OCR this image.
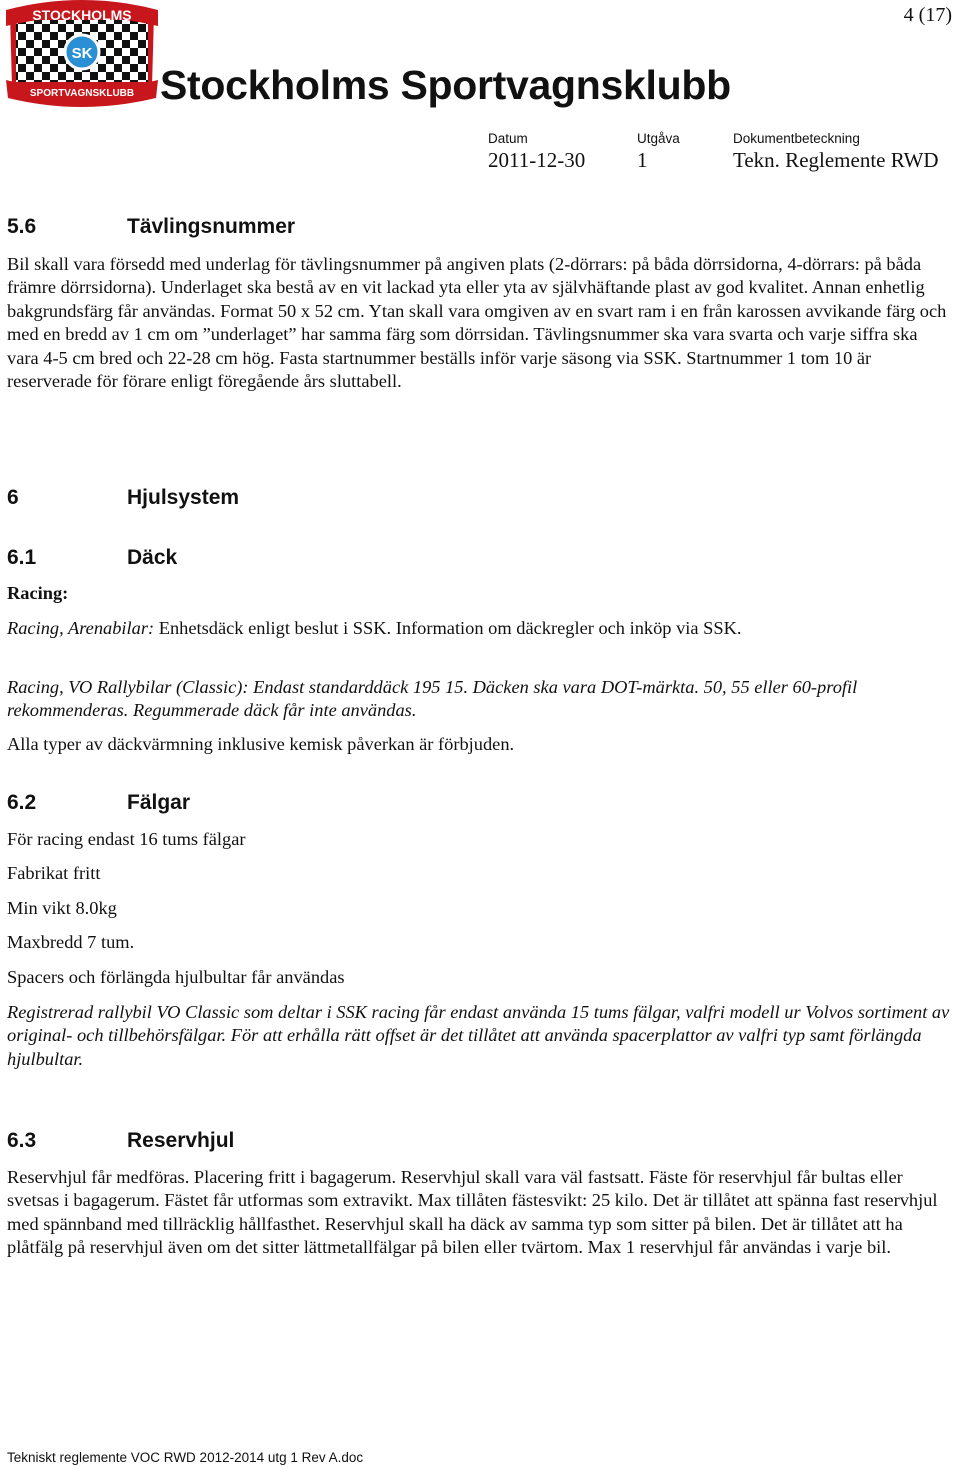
4 (17)
STOCKHOLMS
SPORTVAGNSKLUBB
SK
Stockholms Sportvagnsklubb
Datum	Utgåva	Dokumentbeteckning
2011-12-30 1	Tekn. Reglemente RWD
5.6	Tävlingsnummer

Bil skall vara försedd med underlag för tävlingsnummer på angiven plats (2-dörrars: på båda dörrsidorna, 4-dörrars: på båda främre dörrsidorna). Underlaget ska bestå av en vit lackad yta eller yta av självhäftande plast av god kvalitet. Annan enhetlig bakgrundsfärg får användas. Format 50 x 52 cm. Ytan skall vara omgiven av en svart ram i en från karossen avvikande färg och med en bredd av 1 cm om ”underlaget” har samma färg som dörrsidan. Tävlingsnummer ska vara svarta och varje siffra ska vara 4-5 cm bred och 22-28 cm hög. Fasta startnummer beställs inför varje säsong via SSK. Startnummer 1 tom 10 är reserverade för förare enligt föregående års sluttabell.

6	Hjulsystem
6.1	Däck

Racing:

Racing, Arenabilar: Enhetsdäck enligt beslut i SSK. Information om däckregler och inköp via SSK.

Racing, VO Rallybilar (Classic): Endast standarddäck 195 15. Däcken ska vara DOT-märkta. 50, 55 eller 60-profil rekommenderas. Regummerade däck får inte användas.

Alla typer av däckvärmning inklusive kemisk påverkan är förbjuden.

6.2	Fälgar

För racing endast 16 tums fälgar

Fabrikat fritt

Min vikt 8.0kg

Maxbredd 7 tum.

Spacers och förlängda hjulbultar får användas

Registrerad rallybil VO Classic som deltar i SSK racing får endast använda 15 tums fälgar, valfri modell ur Volvos sortiment av original- och tillbehörsfälgar. För att erhålla rätt offset är det tillåtet att använda spacerplattor av valfri typ samt förlängda hjulbultar.

6.3	Reservhjul

Reservhjul får medföras. Placering fritt i bagagerum. Reservhjul skall vara väl fastsatt. Fäste för reservhjul får bultas eller svetsas i bagagerum. Fästet får utformas som extravikt. Max tillåten fästesvikt: 25 kilo. Det är tillåtet att spänna fast reservhjul med spännband med tillräcklig hållfasthet. Reservhjul skall ha däck av samma typ som sitter på bilen. Det är tillåtet att ha plåtfälg på reservhjul även om det sitter lättmetallfälgar på bilen eller tvärtom. Max 1 reservhjul får användas i varje bil.

Tekniskt reglemente VOC RWD 2012-2014 utg 1 Rev A.doc
